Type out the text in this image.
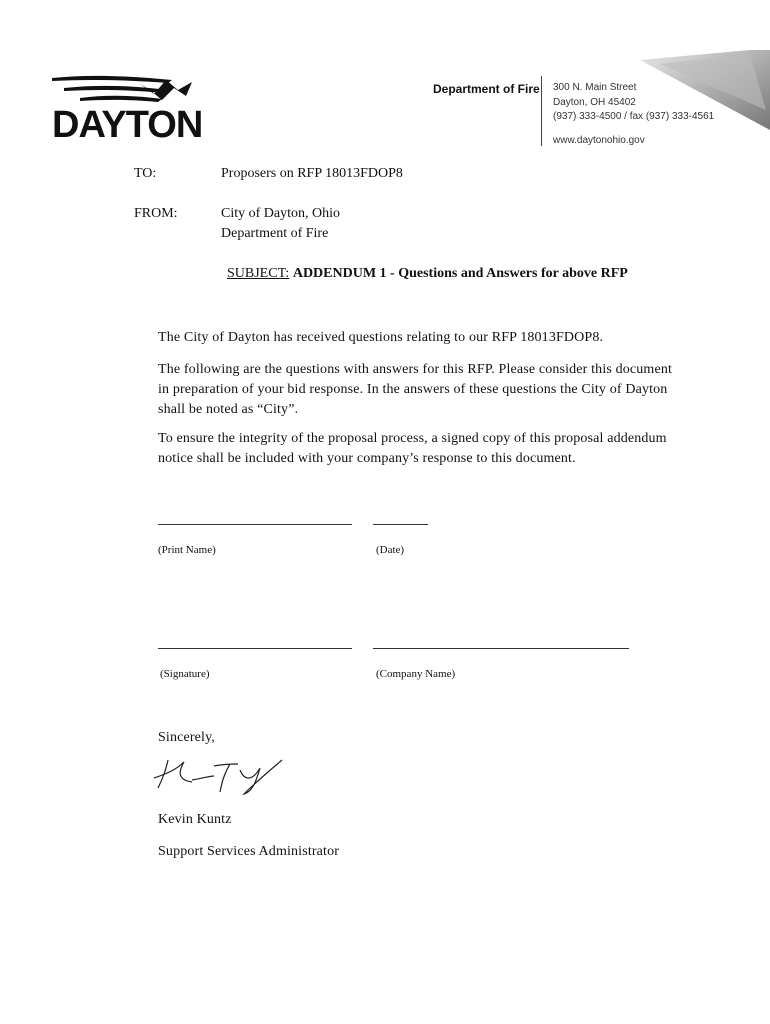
DAYTON
Department of Fire 300 N. Main Street
Dayton, OH 45402
(937) 333-4500 / fax (937) 333-4561
www.daytonohio.gov
TO:	Proposers on RFP 18013FDOP8
FROM:	City of Dayton, Ohio
Department of Fire
SUBJECT: ADDENDUM 1 - Questions and Answers for above RFP
The City of Dayton has received questions relating to our RFP 18013FDOP8.
The following are the questions with answers for this RFP. Please consider this document in preparation of your bid response. In the answers of these questions the City of Dayton shall be noted as “City”.
To ensure the integrity of the proposal process, a signed copy of this proposal addendum notice shall be included with your company’s response to this document.
(Print Name)	(Date)
(Signature)	(Company Name)
Sincerely,
Kevin Kuntz
Support Services Administrator
